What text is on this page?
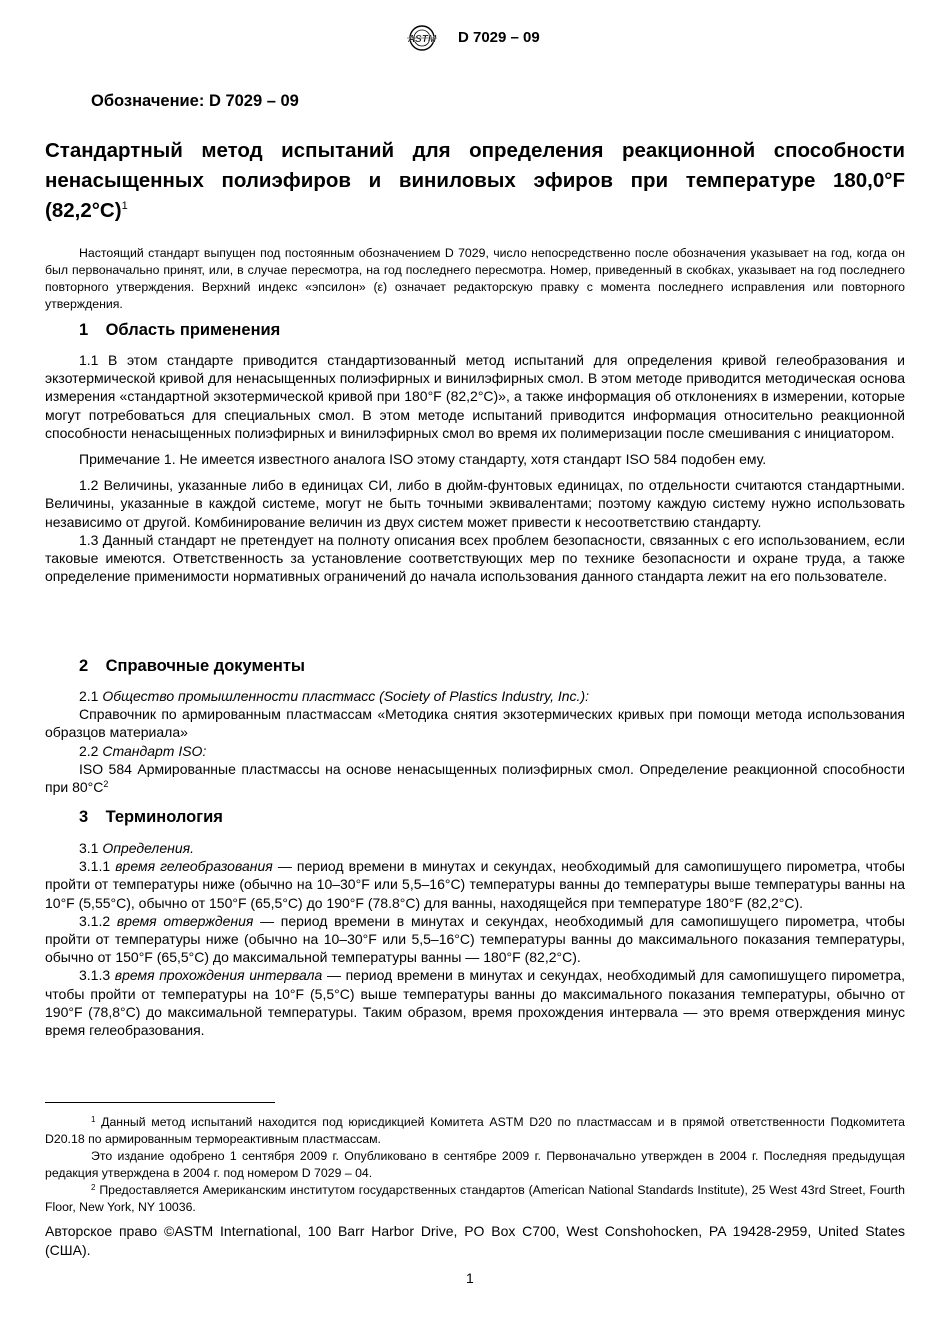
ASTM D 7029 – 09
Обозначение: D 7029 – 09
Стандартный метод испытаний для определения реакционной способности ненасыщенных полиэфиров и виниловых эфиров при температуре 180,0°F $(82,2^\circ C)^1$
Настоящий стандарт выпущен под постоянным обозначением D 7029, число непосредственно после обозначения указывает на год, когда он был первоначально принят, или, в случае пересмотра, на год последнего пересмотра. Номер, приведенный в скобках, указывает на год последнего повторного утверждения. Верхний индекс «эпсилон» (ε) означает редакторскую правку с момента последнего исправления или повторного утверждения.
1 Область применения

1.1 В этом стандарте приводится стандартизованный метод испытаний для определения кривой гелеобразования и экзотермической кривой для ненасыщенных полиэфирных и винилэфирных смол. В этом методе приводится методическая основа измерения «стандартной экзотермической кривой при 180°F (82,2°C)», а также информация об отклонениях в измерении, которые могут потребоваться для специальных смол. В этом методе испытаний приводится информация относительно реакционной способности ненасыщенных полиэфирных и винилэфирных смол во время их полимеризации после смешивания с инициатором.

Примечание 1. Не имеется известного аналога ISO этому стандарту, хотя стандарт ISO 584 подобен ему.

1.2 Величины, указанные либо в единицах СИ, либо в дюйм-фунтовых единицах, по отдельности считаются стандартными. Величины, указанные в каждой системе, могут не быть точными эквивалентами; поэтому каждую систему нужно использовать независимо от другой. Комбинирование величин из двух систем может привести к несоответствию стандарту.

1.3 Данный стандарт не претендует на полноту описания всех проблем безопасности, связанных с его использованием, если таковые имеются. Ответственность за установление соответствующих мер по технике безопасности и охране труда, а также определение применимости нормативных ограничений до начала использования данного стандарта лежит на его пользователе.

2 Справочные документы

2.1 Общество промышленности пластмасс (Society of Plastics Industry, Inc.):

Справочник по армированным пластмассам «Методика снятия экзотермических кривых при помощи метода использования образцов материала»

2.2 Стандарт ISO:

ISO 584 Армированные пластмассы на основе ненасыщенных полиэфирных смол. Определение реакционной способности при $80^\circ C^2$

3 Терминология

3.1 Определения.

3.1.1 время гелеобразования — период времени в минутах и секундах, необходимый для самопишущего пирометра, чтобы пройти от температуры ниже (обычно на 10–30°F или 5,5–16°C) температуры ванны до температуры выше температуры ванны на 10°F (5,55°C), обычно от 150°F (65,5°C) до 190°F (78.8°C) для ванны, находящейся при температуре 180°F (82,2°C).

3.1.2 время отверждения — период времени в минутах и секундах, необходимый для самопишущего пирометра, чтобы пройти от температуры ниже (обычно на 10–30°F или 5,5–16°C) температуры ванны до максимального показания температуры, обычно от 150°F (65,5°C) до максимальной температуры ванны — 180°F (82,2°C).

3.1.3 время прохождения интервала — период времени в минутах и секундах, необходимый для самопишущего пирометра, чтобы пройти от температуры на 10°F (5,5°C) выше температуры ванны до максимального показания температуры, обычно от 190°F (78,8°C) до максимальной температуры. Таким образом, время прохождения интервала — это время отверждения минус время гелеобразования.

$^1$ Данный метод испытаний находится под юрисдикцией Комитета ASTM D20 по пластмассам и в прямой ответственности Подкомитета D20.18 по армированным термореактивным пластмассам.

Это издание одобрено 1 сентября 2009 г. Опубликовано в сентябре 2009 г. Первоначально утвержден в 2004 г. Последняя предыдущая редакция утверждена в 2004 г. под номером D 7029 – 04.

$^2$ Предоставляется Американским институтом государственных стандартов (American National Standards Institute), 25 West 43rd Street, Fourth Floor, New York, NY 10036.

Авторское право ©ASTM International, 100 Barr Harbor Drive, PO Box C700, West Conshohocken, PA 19428-2959, United States (США).
1
